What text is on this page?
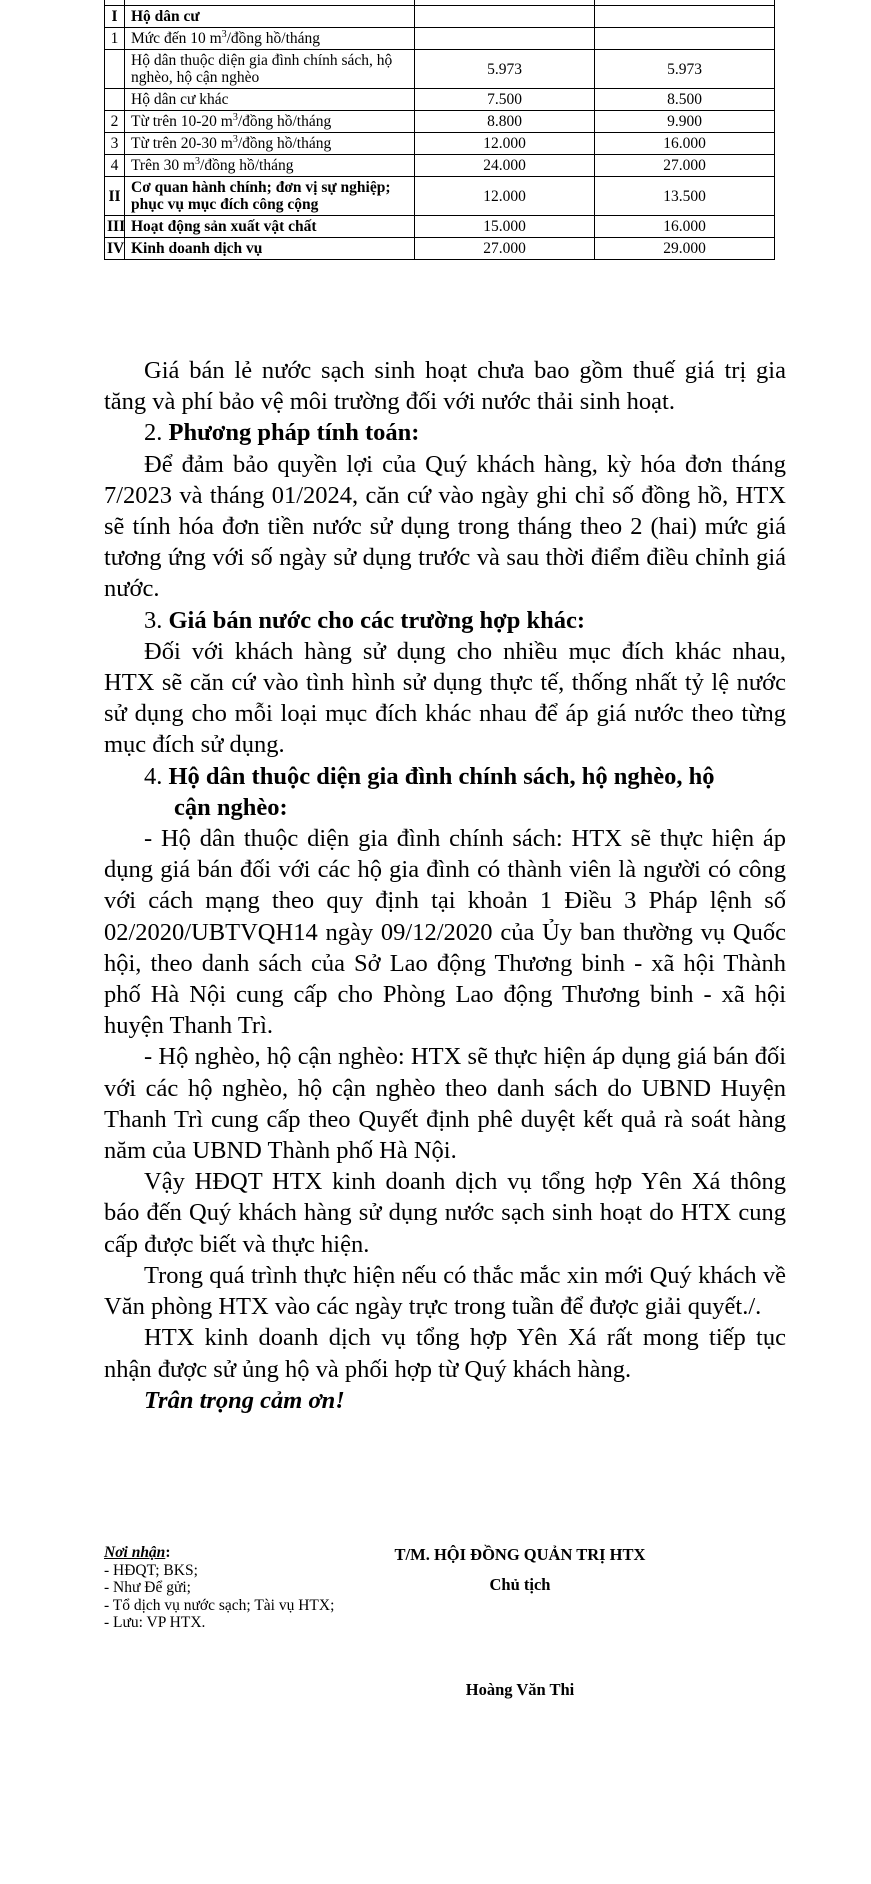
I	Hộ dân cư		
1	Mức đến 10 $m^3$/đồng hồ/tháng		
	Hộ dân thuộc diện gia đình chính sách, hộ nghèo, hộ cận nghèo	5.973	5.973
	Hộ dân cư khác	7.500	8.500
2	Từ trên 10-20 $m^3$/đồng hồ/tháng	8.800	9.900
3	Từ trên 20-30 $m^3$/đồng hồ/tháng	12.000	16.000
4	Trên 30 $m^3$/đồng hồ/tháng	24.000	27.000
II	Cơ quan hành chính; đơn vị sự nghiệp; phục vụ mục đích công cộng	12.000	13.500
III	Hoạt động sản xuất vật chất	15.000	16.000
IV	Kinh doanh dịch vụ	27.000	29.000

Giá bán lẻ nước sạch sinh hoạt chưa bao gồm thuế giá trị gia tăng và phí bảo vệ môi trường đối với nước thải sinh hoạt.

2. Phương pháp tính toán:

Để đảm bảo quyền lợi của Quý khách hàng, kỳ hóa đơn tháng 7/2023 và tháng 01/2024, căn cứ vào ngày ghi chỉ số đồng hồ, HTX sẽ tính hóa đơn tiền nước sử dụng trong tháng theo 2 (hai) mức giá tương ứng với số ngày sử dụng trước và sau thời điểm điều chỉnh giá nước.

3. Giá bán nước cho các trường hợp khác:

Đối với khách hàng sử dụng cho nhiều mục đích khác nhau, HTX sẽ căn cứ vào tình hình sử dụng thực tế, thống nhất tỷ lệ nước sử dụng cho mỗi loại mục đích khác nhau để áp giá nước theo từng mục đích sử dụng.

4. Hộ dân thuộc diện gia đình chính sách, hộ nghèo, hộ
cận nghèo:

- Hộ dân thuộc diện gia đình chính sách: HTX sẽ thực hiện áp dụng giá bán đối với các hộ gia đình có thành viên là người có công với cách mạng theo quy định tại khoản 1 Điều 3 Pháp lệnh số 02/2020/UBTVQH14 ngày 09/12/2020 của Ủy ban thường vụ Quốc hội, theo danh sách của Sở Lao động Thương binh - xã hội Thành phố Hà Nội cung cấp cho Phòng Lao động Thương binh - xã hội huyện Thanh Trì.

- Hộ nghèo, hộ cận nghèo: HTX sẽ thực hiện áp dụng giá bán đối với các hộ nghèo, hộ cận nghèo theo danh sách do UBND Huyện Thanh Trì cung cấp theo Quyết định phê duyệt kết quả rà soát hàng năm của UBND Thành phố Hà Nội.

Vậy HĐQT HTX kinh doanh dịch vụ tổng hợp Yên Xá thông báo đến Quý khách hàng sử dụng nước sạch sinh hoạt do HTX cung cấp được biết và thực hiện.

Trong quá trình thực hiện nếu có thắc mắc xin mới Quý khách về Văn phòng HTX vào các ngày trực trong tuần để được giải quyết./.

HTX kinh doanh dịch vụ tổng hợp Yên Xá rất mong tiếp tục nhận được sử ủng hộ và phối hợp từ Quý khách hàng.

Trân trọng cảm ơn!

Nơi nhận:
- HĐQT; BKS;
- Như Để gửi;
- Tổ dịch vụ nước sạch; Tài vụ HTX;
- Lưu: VP HTX.
T/M. HỘI ĐỒNG QUẢN TRỊ HTX
Chủ tịch
Hoàng Văn Thi
